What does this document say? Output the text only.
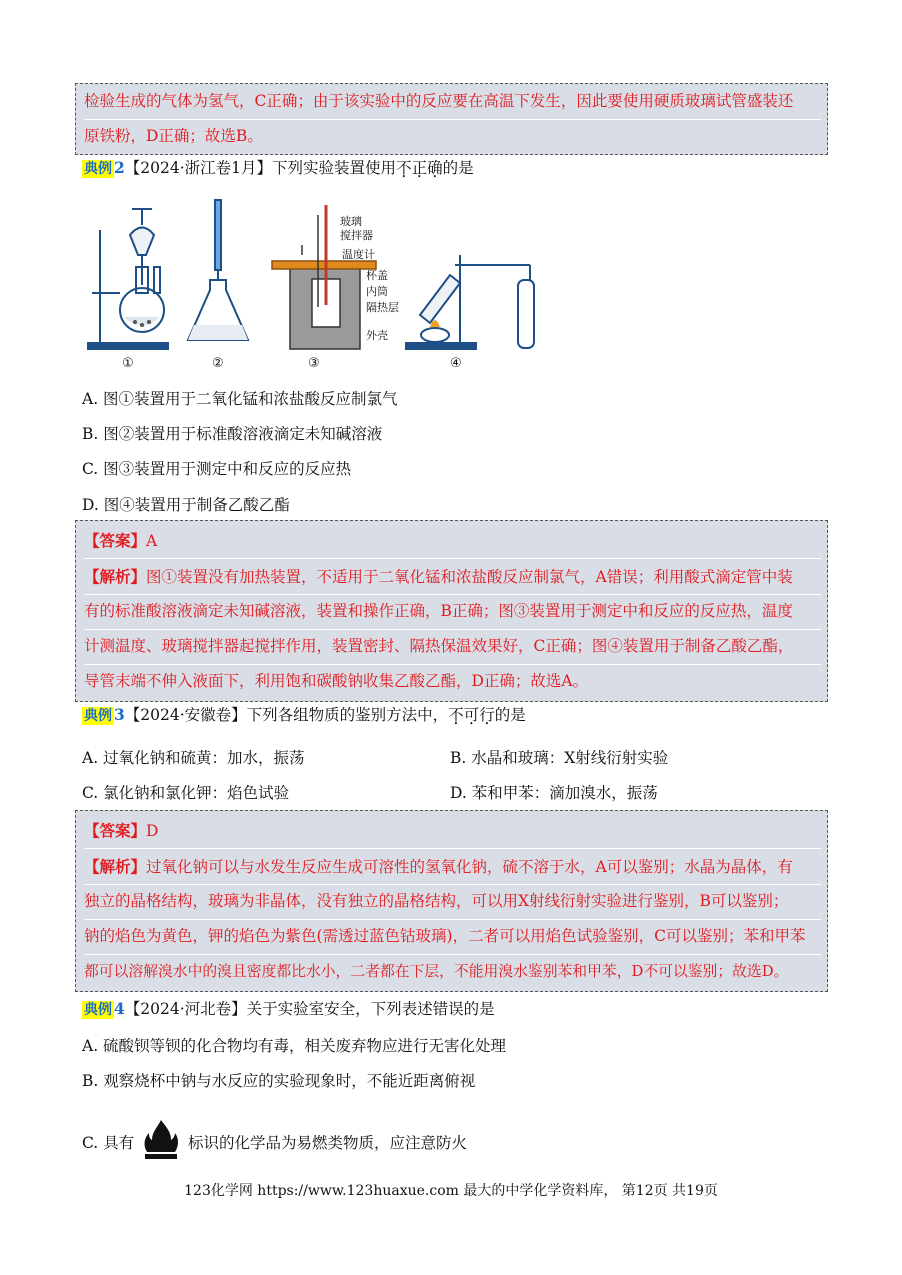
检验生成的气体为氢气，C正确；由于该实验中的反应要在高温下发生，因此要使用硬质玻璃试管盛装还
原铁粉，D正确；故选B。
典例 2【2024·浙江卷1月】下列实验装置使用不正确的是
玻璃
搅拌器
温度计
杯盖
内筒
隔热层
外壳
①	②	③	④
A. 图①装置用于二氧化锰和浓盐酸反应制氯气
B. 图②装置用于标准酸溶液滴定未知碱溶液
C. 图③装置用于测定中和反应的反应热
D. 图④装置用于制备乙酸乙酯
【答案】A
【解析】图①装置没有加热装置，不适用于二氧化锰和浓盐酸反应制氯气，A错误；利用酸式滴定管中装
有的标准酸溶液滴定未知碱溶液，装置和操作正确，B正确；图③装置用于测定中和反应的反应热，温度
计测温度、玻璃搅拌器起搅拌作用，装置密封、隔热保温效果好，C正确；图④装置用于制备乙酸乙酯，
导管末端不伸入液面下，利用饱和碳酸钠收集乙酸乙酯，D正确；故选A。
典例 3【2024·安徽卷】下列各组物质的鉴别方法中，不可行的是
A. 过氧化钠和硫黄：加水，振荡	B. 水晶和玻璃：X射线衍射实验
C. 氯化钠和氯化钾：焰色试验	D. 苯和甲苯：滴加溴水，振荡
【答案】D
【解析】过氧化钠可以与水发生反应生成可溶性的氢氧化钠，硫不溶于水，A可以鉴别；水晶为晶体，有
独立的晶格结构，玻璃为非晶体，没有独立的晶格结构，可以用X射线衍射实验进行鉴别，B可以鉴别；
钠的焰色为黄色，钾的焰色为紫色(需透过蓝色钴玻璃)，二者可以用焰色试验鉴别，C可以鉴别；苯和甲苯
都可以溶解溴水中的溴且密度都比水小，二者都在下层，不能用溴水鉴别苯和甲苯，D不可以鉴别；故选D。
典例 4【2024·河北卷】关于实验室安全，下列表述错误的是
A. 硫酸钡等钡的化合物均有毒，相关废弃物应进行无害化处理
B. 观察烧杯中钠与水反应的实验现象时，不能近距离俯视
C. 具有	标识的化学品为易燃类物质，应注意防火
123化学网 https://www.123huaxue.com 最大的中学化学资料库， 第12页 共19页
